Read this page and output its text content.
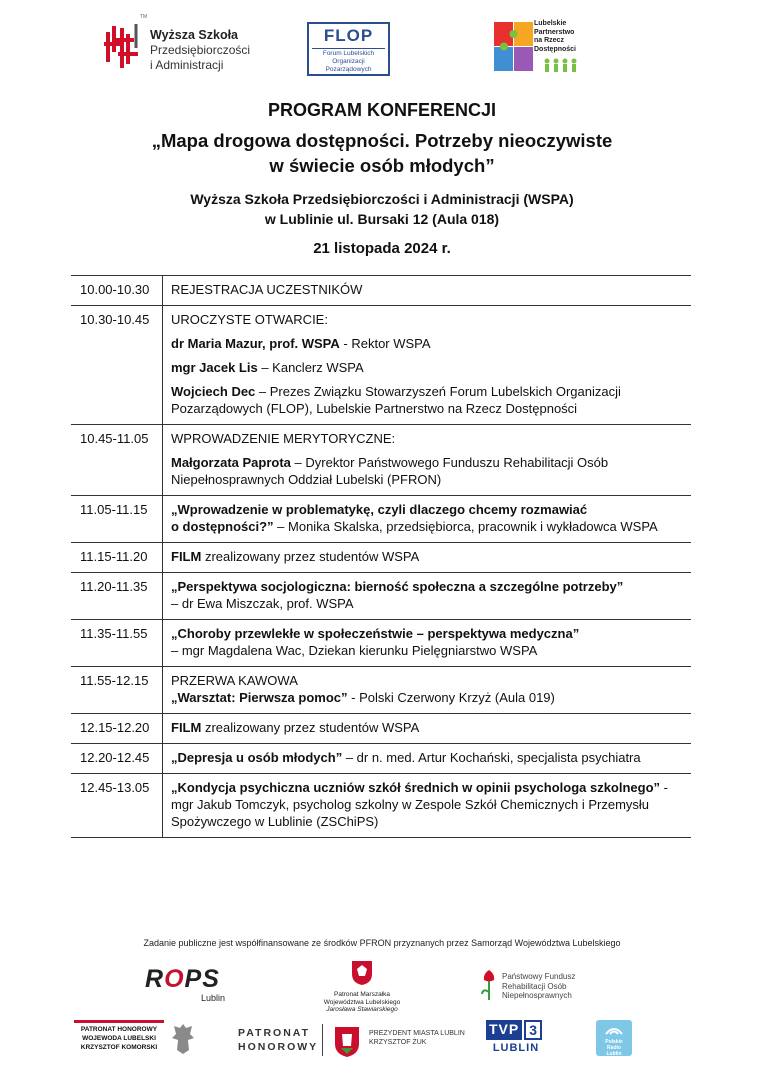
TM
Wyższa Szkoła
Przedsiębiorczości
i Administracji
FLOP
Forum Lubelskich
Organizacji
Pozarządowych
Lubelskie
Partnerstwo
na Rzecz
Dostępności
PROGRAM KONFERENCJI
„Mapa drogowa dostępności. Potrzeby nieoczywiste
w świecie osób młodych”
Wyższa Szkoła Przedsiębiorczości i Administracji (WSPA)
w Lublinie ul. Bursaki 12 (Aula 018)
21 listopada 2024 r.
10.00-10.30	REJESTRACJA UCZESTNIKÓW

10.30-10.45	UROCZYSTE OTWARCIE:

dr Maria Mazur, prof. WSPA - Rektor WSPA

mgr Jacek Lis – Kanclerz WSPA

Wojciech Dec – Prezes Związku Stowarzyszeń Forum Lubelskich Organizacji Pozarządowych (FLOP), Lubelskie Partnerstwo na Rzecz Dostępności

10.45-11.05	WPROWADZENIE MERYTORYCZNE:

Małgorzata Paprota – Dyrektor Państwowego Funduszu Rehabilitacji Osób Niepełnosprawnych Oddział Lubelski (PFRON)

11.05-11.15	„Wprowadzenie w problematykę, czyli dlaczego chcemy rozmawiać

o dostępności?” – Monika Skalska, przedsiębiorca, pracownik i wykładowca WSPA

11.15-11.20	FILM zrealizowany przez studentów WSPA

11.20-11.35	„Perspektywa socjologiczna: bierność społeczna a szczególne potrzeby”

– dr Ewa Miszczak, prof. WSPA

11.35-11.55	„Choroby przewlekłe w społeczeństwie – perspektywa medyczna”

– mgr Magdalena Wac, Dziekan kierunku Pielęgniarstwo WSPA

11.55-12.15	PRZERWA KAWOWA

„Warsztat: Pierwsza pomoc” - Polski Czerwony Krzyż (Aula 019)

12.15-12.20	FILM zrealizowany przez studentów WSPA

12.20-12.45	„Depresja u osób młodych” – dr n. med. Artur Kochański, specjalista psychiatra

12.45-13.05	„Kondycja psychiczna uczniów szkół średnich w opinii psychologa szkolnego” - mgr Jakub Tomczyk, psycholog szkolny w Zespole Szkół Chemicznych i Przemysłu Spożywczego w Lublinie (ZSChiPS)

Zadanie publiczne jest współfinansowane ze środków PFRON przyznanych przez Samorząd Województwa Lubelskiego
ROPS
Lublin	Patronat Marszałka
Województwa Lubelskiego
Jarosława Stawiarskiego
Państwowy Fundusz
Rehabilitacji Osób
Niepełnosprawnych
PATRONAT HONOROWY
WOJEWODA LUBELSKI
KRZYSZTOF KOMORSKI
PATRONAT
HONOROWY
PREZYDENT MIASTA LUBLIN
KRZYSZTOF ŻUK
TVP 3
LUBLIN	Polskie
Radio
Lublin
